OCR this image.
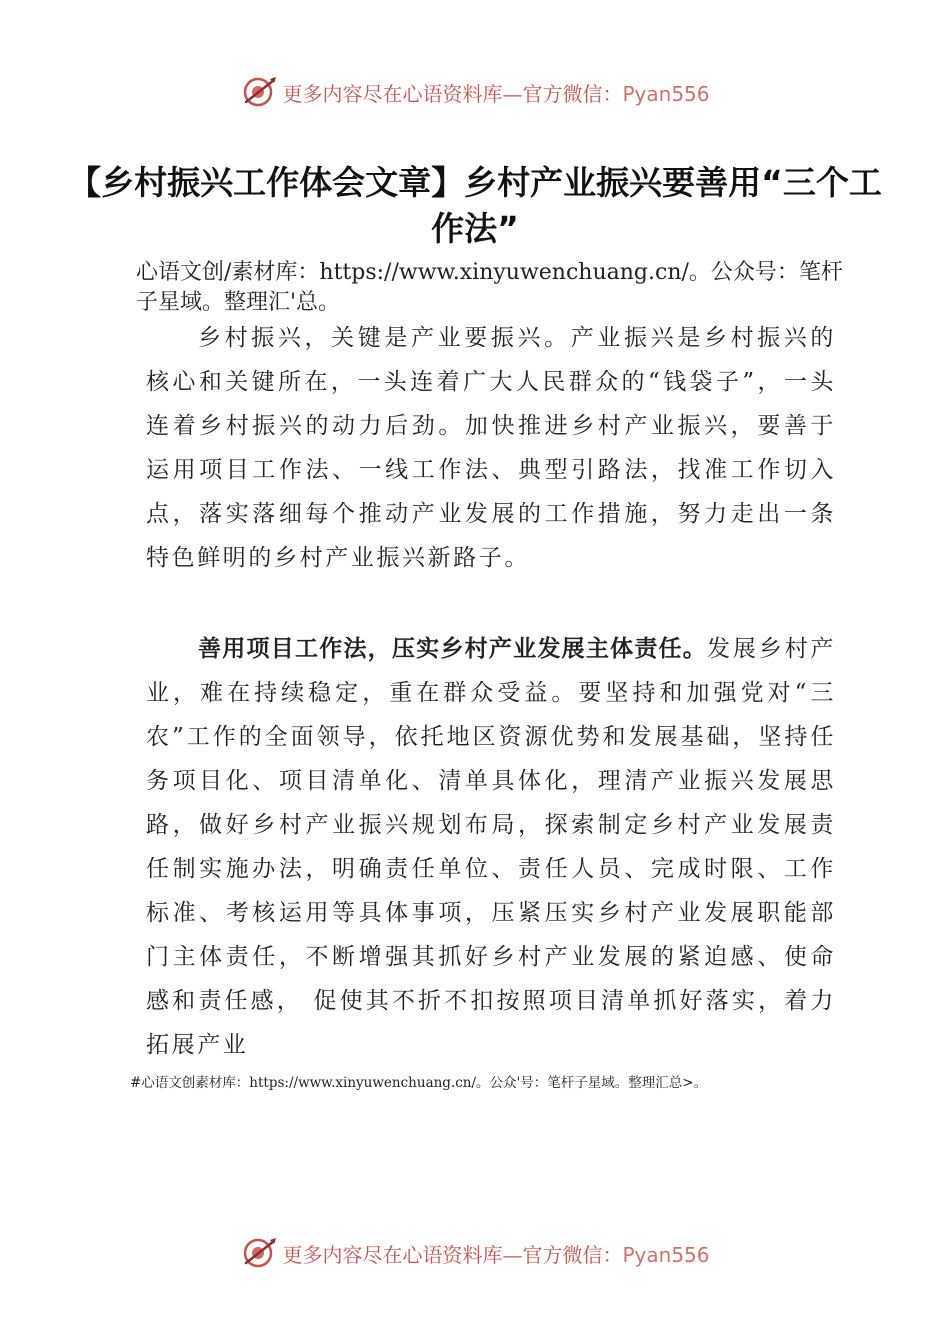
更多内容尽在心语资料库—官方微信：Pyan556
【乡村振兴工作体会文章】乡村产业振兴要善用“三个工作法”
心语文创/素材库：https://www.xinyuwenchuang.cn/。公众号：笔杆子星域。整理汇'总。
乡村振兴，关键是产业要振兴。产业振兴是乡村振兴的核心和关键所在，一头连着广大人民群众的“钱袋子”，一头连着乡村振兴的动力后劲。加快推进乡村产业振兴，要善于运用项目工作法、一线工作法、典型引路法，找准工作切入点，落实落细每个推动产业发展的工作措施，努力走出一条特色鲜明的乡村产业振兴新路子。
善用项目工作法，压实乡村产业发展主体责任。发展乡村产业，难在持续稳定，重在群众受益。要坚持和加强党对“三农”工作的全面领导，依托地区资源优势和发展基础，坚持任务项目化、项目清单化、清单具体化，理清产业振兴发展思路，做好乡村产业振兴规划布局，探索制定乡村产业发展责任制实施办法，明确责任单位、责任人员、完成时限、工作标准、考核运用等具体事项，压紧压实乡村产业发展职能部门主体责任，不断增强其抓好乡村产业发展的紧迫感、使命感和责任感， 促使其不折不扣按照项目清单抓好落实，着力拓展产业
#心语文创素材库：https://www.xinyuwenchuang.cn/。公众'号：笔杆子星域。整理汇总>。
更多内容尽在心语资料库—官方微信：Pyan556
